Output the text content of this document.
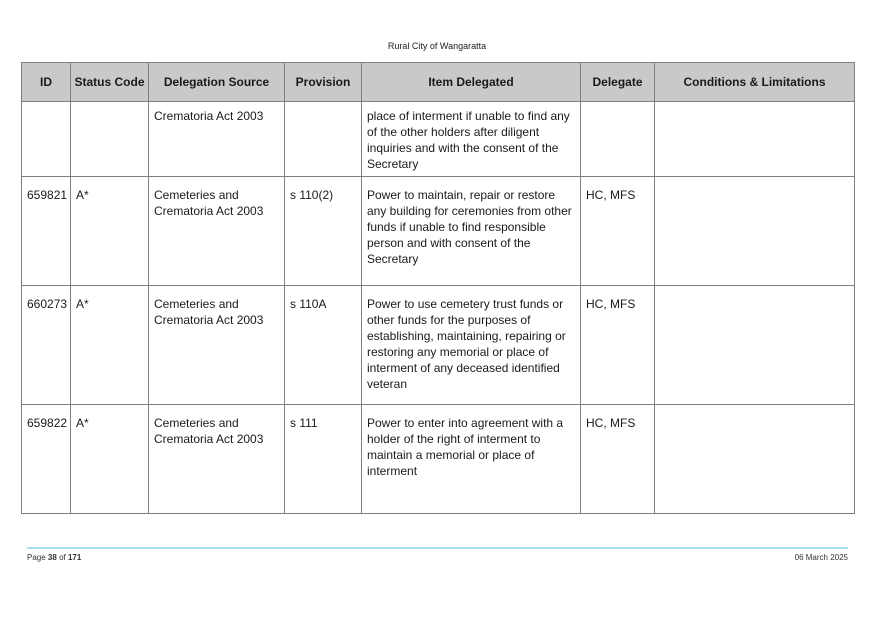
Rural City of Wangaratta
ID	Status Code	Delegation Source	Provision	Item Delegated	Delegate	Conditions & Limitations
		Crematoria Act 2003		place of interment if unable to find any of the other holders after diligent inquiries and with the consent of the Secretary		
659821	A*	Cemeteries and Crematoria Act 2003	s 110(2)	Power to maintain, repair or restore any building for ceremonies from other funds if unable to find responsible person and with consent of the Secretary	HC, MFS	
660273	A*	Cemeteries and Crematoria Act 2003	s 110A	Power to use cemetery trust funds or other funds for the purposes of establishing, maintaining, repairing or restoring any memorial or place of interment of any deceased identified veteran	HC, MFS	
659822	A*	Cemeteries and Crematoria Act 2003	s 111	Power to enter into agreement with a holder of the right of interment to maintain a memorial or place of interment	HC, MFS	
Page 38 of 171	06 March 2025
